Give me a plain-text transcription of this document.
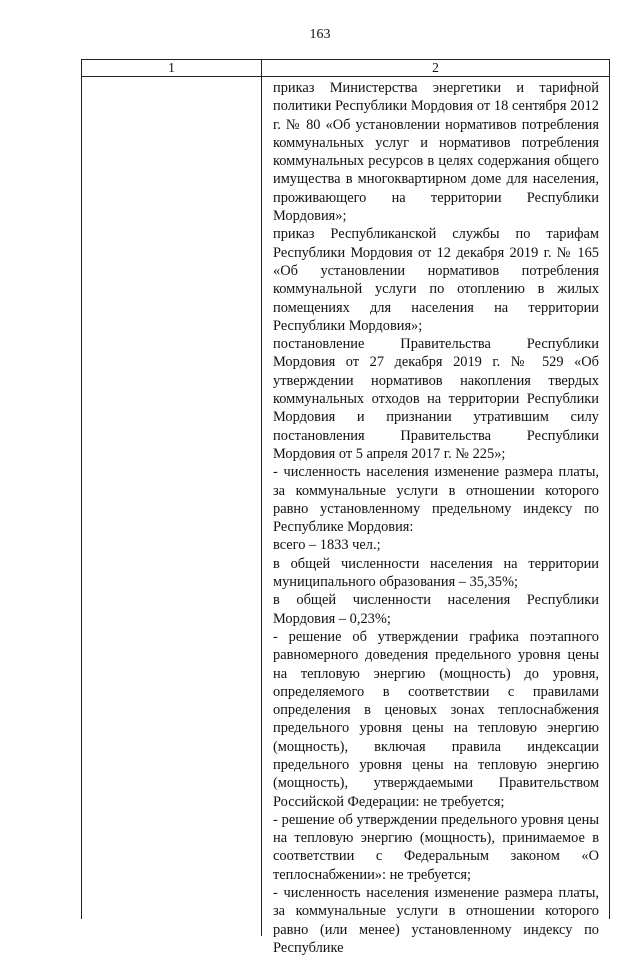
163
1	2

приказ Министерства энергетики и тарифной политики Республики Мордовия от 18 сентября 2012 г. № 80 «Об установлении нормативов потребления коммунальных услуг и нормативов потребления коммунальных ресурсов в целях содержания общего имущества в многоквартирном доме для населения, проживающего на территории Республики Мордовия»;

приказ Республиканской службы по тарифам Республики Мордовия от 12 декабря 2019 г. № 165 «Об установлении нормативов потребления коммунальной услуги по отоплению в жилых помещениях для населения на территории Республики Мордовия»;

постановление Правительства Республики Мордовия от 27 декабря 2019 г. № 529 «Об утверждении нормативов накопления твердых коммунальных отходов на территории Республики Мордовия и признании утратившим силу постановления Правительства Республики Мордовия от 5 апреля 2017 г. № 225»;

- численность населения изменение размера платы, за коммунальные услуги в отношении которого равно установленному предельному индексу по Республике Мордовия:

всего – 1833 чел.;

в общей численности населения на территории муниципального образования – 35,35%;

в общей численности населения Республики Мордовия – 0,23%;

- решение об утверждении графика поэтапного равномерного доведения предельного уровня цены на тепловую энергию (мощность) до уровня, определяемого в соответствии с правилами определения в ценовых зонах теплоснабжения предельного уровня цены на тепловую энергию (мощность), включая правила индексации предельного уровня цены на тепловую энергию (мощность), утверждаемыми Правительством Российской Федерации: не требуется;

- решение об утверждении предельного уровня цены на тепловую энергию (мощность), принимаемое в соответствии с Федеральным законом «О теплоснабжении»: не требуется;

- численность населения изменение размера платы, за коммунальные услуги в отношении которого равно (или менее) установленному индексу по Республике
